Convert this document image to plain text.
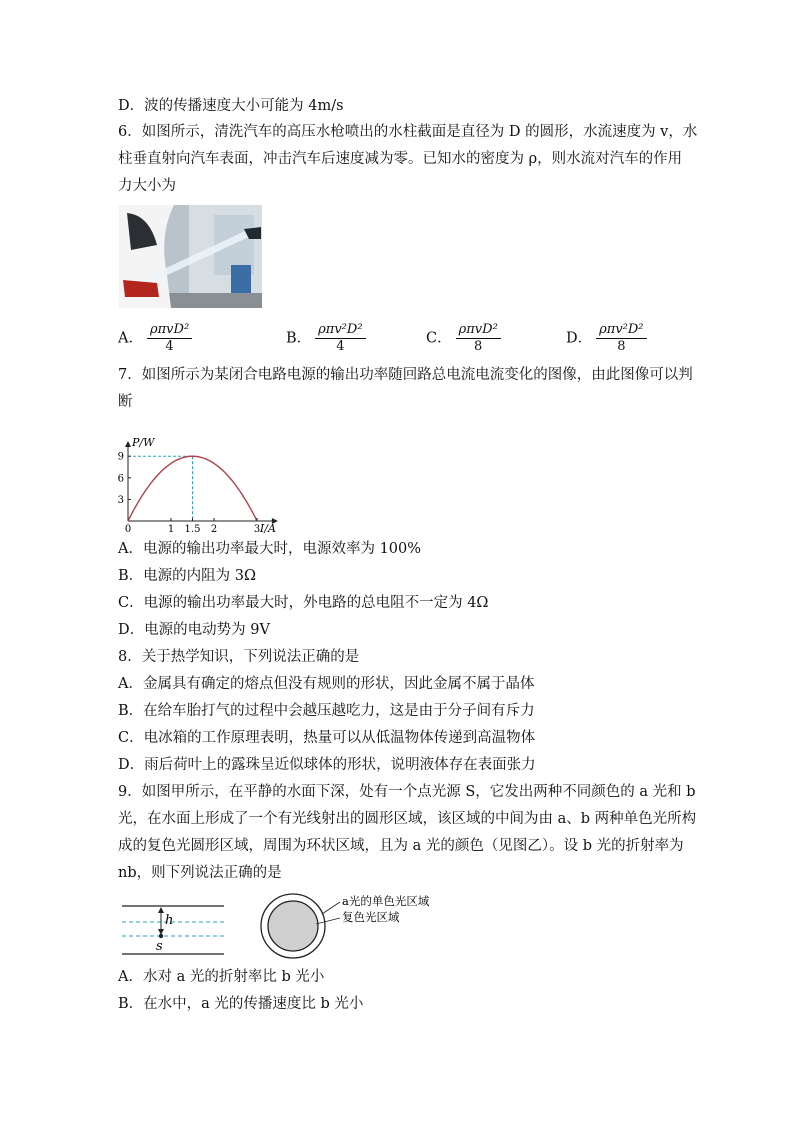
D．波的传播速度大小可能为 4m/s
6．如图所示，清洗汽车的高压水枪喷出的水柱截面是直径为 D 的圆形，水流速度为 v，水
柱垂直射向汽车表面，冲击汽车后速度减为零。已知水的密度为 ρ，则水流对汽车的作用
力大小为
A． $\frac{\text{ρπvD²}}{4}$	B． $\frac{\text{ρπv²D²}}{4}$	C． $\frac{\text{ρπvD²}}{8}$	D． $\frac{\text{ρπv²D²}}{8}$
7．如图所示为某闭合电路电源的输出功率随回路总电流电流变化的图像，由此图像可以判
断
P/W
I/A
0	1 1.5 2	3
3
6
9
A．电源的输出功率最大时，电源效率为 100%
B．电源的内阻为 3Ω
C．电源的输出功率最大时，外电路的总电阻不一定为 4Ω
D．电源的电动势为 9V
8．关于热学知识，下列说法正确的是
A．金属具有确定的熔点但没有规则的形状，因此金属不属于晶体
B．在给车胎打气的过程中会越压越吃力，这是由于分子间有斥力
C．电冰箱的工作原理表明，热量可以从低温物体传递到高温物体
D．雨后荷叶上的露珠呈近似球体的形状，说明液体存在表面张力
9．如图甲所示，在平静的水面下深，处有一个点光源 S，它发出两种不同颜色的 a 光和 b
光，在水面上形成了一个有光线射出的圆形区域，该区域的中间为由 a、b 两种单色光所构
成的复色光圆形区域，周围为环状区域，且为 a 光的颜色（见图乙）。设 b 光的折射率为
nb，则下列说法正确的是
h
s
a光的单色光区域
复色光区域
A．水对 a 光的折射率比 b 光小
B．在水中，a 光的传播速度比 b 光小
